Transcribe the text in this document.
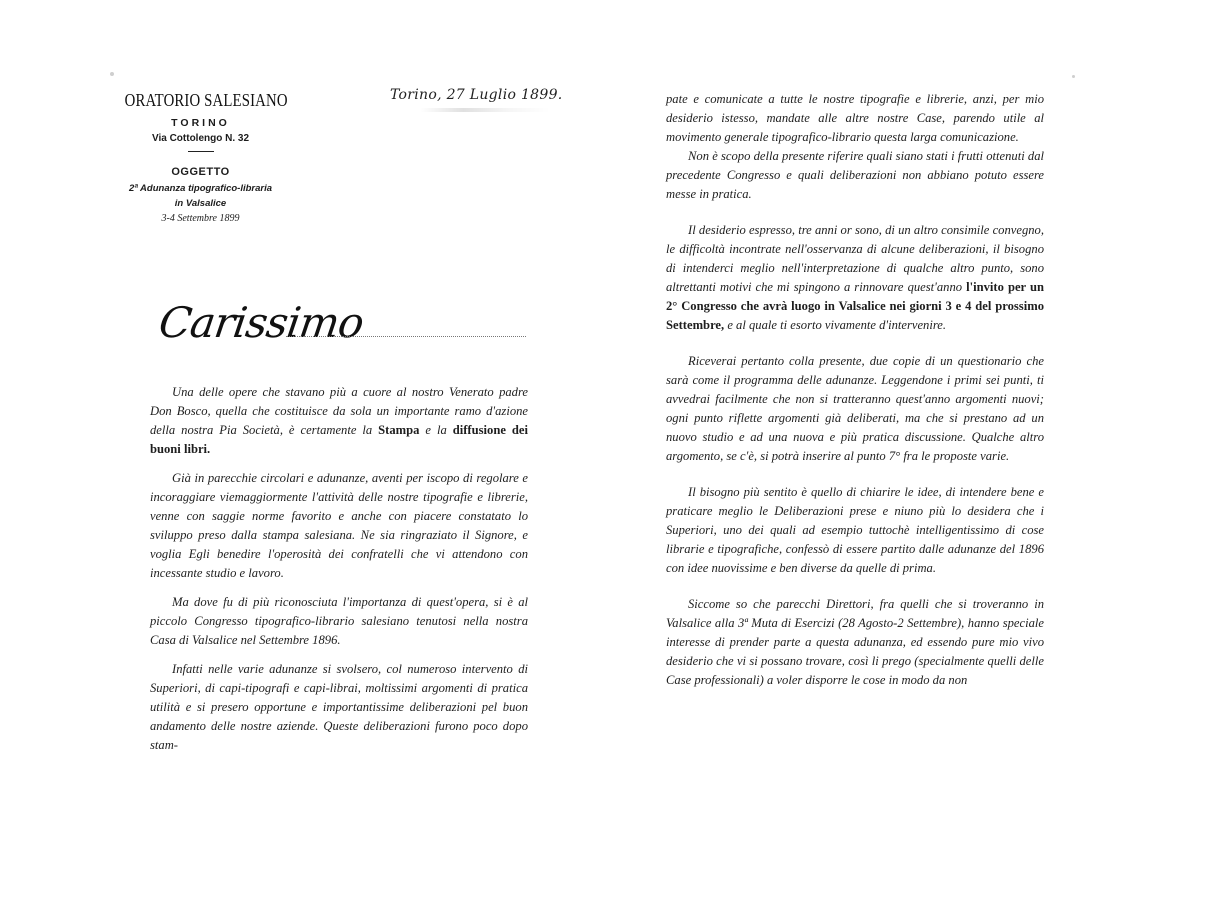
ORATORIO SALESIANO
TORINO
Via Cottolengo N. 32
OGGETTO
2ª Adunanza tipografico-libraria
in Valsalice
3-4 Settembre 1899
Torino, 27 Luglio 1899.
Carissimo

Una delle opere che stavano più a cuore al nostro Venerato padre Don Bosco, quella che costituisce da sola un importante ramo d'azione della nostra Pia Società, è certamente la Stampa e la diffusione dei buoni libri.

Già in parecchie circolari e adunanze, aventi per iscopo di regolare e incoraggiare viemaggiormente l'attività delle nostre tipografie e librerie, venne con saggie norme favorito e anche con piacere constatato lo sviluppo preso dalla stampa salesiana. Ne sia ringraziato il Signore, e voglia Egli benedire l'operosità dei confratelli che vi attendono con incessante studio e lavoro.

Ma dove fu di più riconosciuta l'importanza di quest'opera, si è al piccolo Congresso tipografico-librario salesiano tenutosi nella nostra Casa di Valsalice nel Settembre 1896.

Infatti nelle varie adunanze si svolsero, col numeroso intervento di Superiori, di capi-tipografi e capi-librai, moltissimi argomenti di pratica utilità e si presero opportune e importantissime deliberazioni pel buon andamento delle nostre aziende. Queste deliberazioni furono poco dopo stam-

pate e comunicate a tutte le nostre tipografie e librerie, anzi, per mio desiderio istesso, mandate alle altre nostre Case, parendo utile al movimento generale tipografico-librario questa larga comunicazione.

Non è scopo della presente riferire quali siano stati i frutti ottenuti dal precedente Congresso e quali deliberazioni non abbiano potuto essere messe in pratica.

Il desiderio espresso, tre anni or sono, di un altro consimile convegno, le difficoltà incontrate nell'osservanza di alcune deliberazioni, il bisogno di intenderci meglio nell'interpretazione di qualche altro punto, sono altrettanti motivi che mi spingono a rinnovare quest'anno l'invito per un 2° Congresso che avrà luogo in Valsalice nei giorni 3 e 4 del prossimo Settembre, e al quale ti esorto vivamente d'intervenire.

Riceverai pertanto colla presente, due copie di un questionario che sarà come il programma delle adunanze. Leggendone i primi sei punti, ti avvedrai facilmente che non si tratteranno quest'anno argomenti nuovi; ogni punto riflette argomenti già deliberati, ma che si prestano ad un nuovo studio e ad una nuova e più pratica discussione. Qualche altro argomento, se c'è, si potrà inserire al punto 7° fra le proposte varie.

Il bisogno più sentito è quello di chiarire le idee, di intendere bene e praticare meglio le Deliberazioni prese e niuno più lo desidera che i Superiori, uno dei quali ad esempio tuttochè intelligentissimo di cose librarie e tipografiche, confessò di essere partito dalle adunanze del 1896 con idee nuovissime e ben diverse da quelle di prima.

Siccome so che parecchi Direttori, fra quelli che si troveranno in Valsalice alla 3ª Muta di Esercizi (28 Agosto-2 Settembre), hanno speciale interesse di prender parte a questa adunanza, ed essendo pure mio vivo desiderio che vi si possano trovare, così li prego (specialmente quelli delle Case professionali) a voler disporre le cose in modo da non
